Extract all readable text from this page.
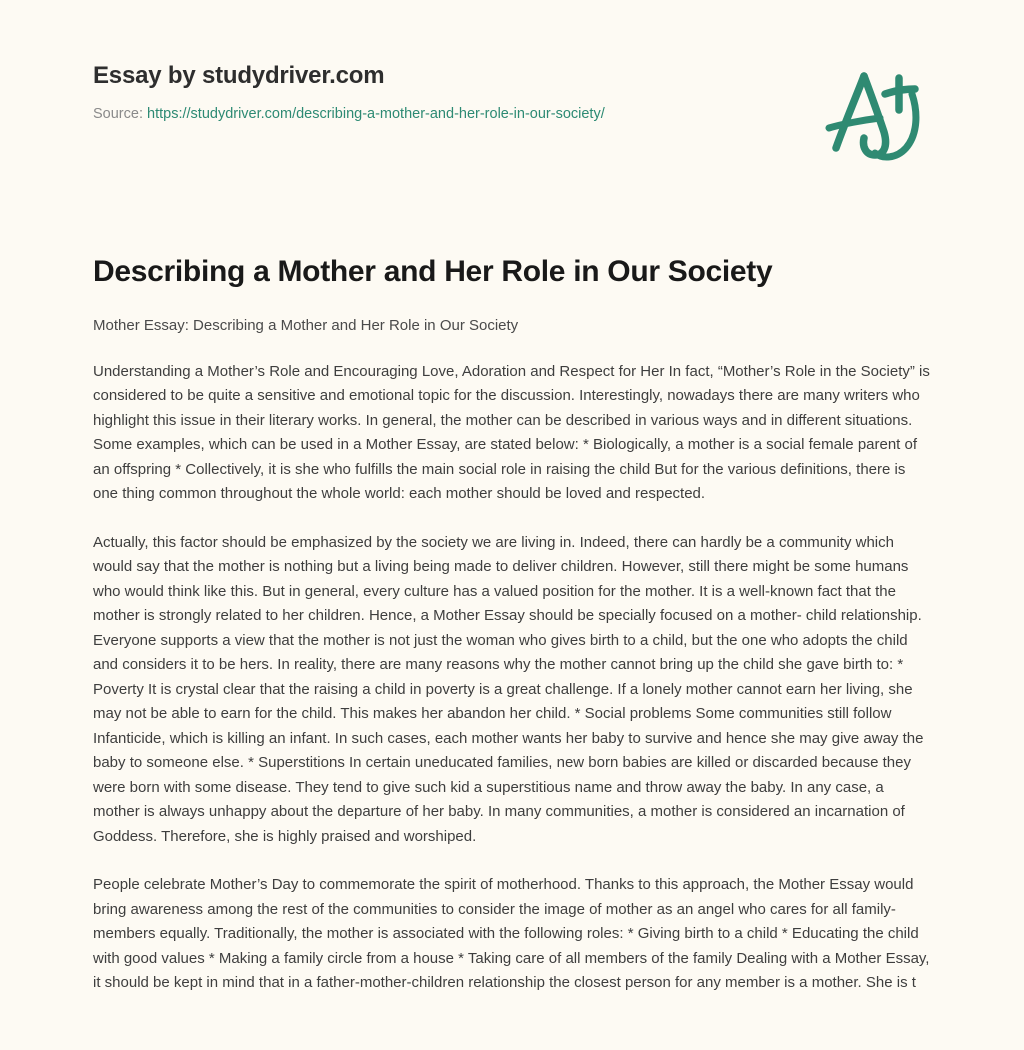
Essay by studydriver.com
Source: https://studydriver.com/describing-a-mother-and-her-role-in-our-society/
Describing a Mother and Her Role in Our Society

Mother Essay: Describing a Mother and Her Role in Our Society

Understanding a Mother’s Role and Encouraging Love, Adoration and Respect for Her In fact, “Mother’s Role in the Society” is considered to be quite a sensitive and emotional topic for the discussion. Interestingly, nowadays there are many writers who highlight this issue in their literary works. In general, the mother can be described in various ways and in different situations. Some examples, which can be used in a Mother Essay, are stated below: * Biologically, a mother is a social female parent of an offspring * Collectively, it is she who fulfills the main social role in raising the child But for the various definitions, there is one thing common throughout the whole world: each mother should be loved and respected.

Actually, this factor should be emphasized by the society we are living in. Indeed, there can hardly be a community which would say that the mother is nothing but a living being made to deliver children. However, still there might be some humans who would think like this. But in general, every culture has a valued position for the mother. It is a well-known fact that the mother is strongly related to her children. Hence, a Mother Essay should be specially focused on a mother- child relationship. Everyone supports a view that the mother is not just the woman who gives birth to a child, but the one who adopts the child and considers it to be hers. In reality, there are many reasons why the mother cannot bring up the child she gave birth to: * Poverty It is crystal clear that the raising a child in poverty is a great challenge. If a lonely mother cannot earn her living, she may not be able to earn for the child. This makes her abandon her child. * Social problems Some communities still follow Infanticide, which is killing an infant. In such cases, each mother wants her baby to survive and hence she may give away the baby to someone else. * Superstitions In certain uneducated families, new born babies are killed or discarded because they were born with some disease. They tend to give such kid a superstitious name and throw away the baby. In any case, a mother is always unhappy about the departure of her baby. In many communities, a mother is considered an incarnation of Goddess. Therefore, she is highly praised and worshiped.

People celebrate Mother’s Day to commemorate the spirit of motherhood. Thanks to this approach, the Mother Essay would bring awareness among the rest of the communities to consider the image of mother as an angel who cares for all family-members equally. Traditionally, the mother is associated with the following roles: * Giving birth to a child * Educating the child with good values * Making a family circle from a house * Taking care of all members of the family Dealing with a Mother Essay, it should be kept in mind that in a father-mother-children relationship the closest person for any member is a mother. She is t
